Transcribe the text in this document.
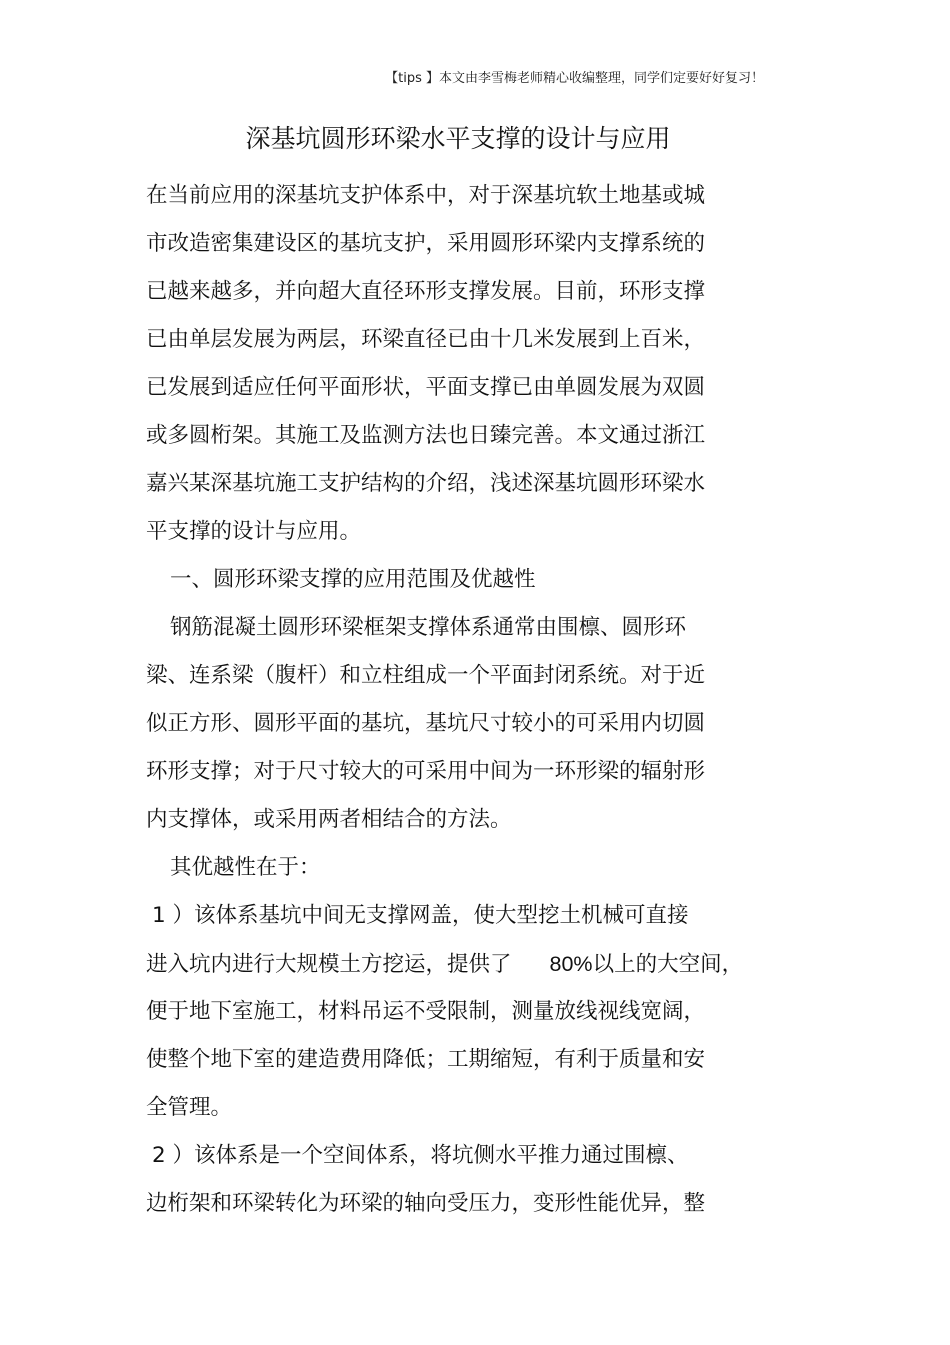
【tips 】本文由李雪梅老师精心收编整理，同学们定要好好复习！
深基坑圆形环梁水平支撑的设计与应用
在当前应用的深基坑支护体系中，对于深基坑软土地基或城
市改造密集建设区的基坑支护，采用圆形环梁内支撑系统的
已越来越多，并向超大直径环形支撑发展。目前，环形支撑
已由单层发展为两层，环梁直径已由十几米发展到上百米，
已发展到适应任何平面形状，平面支撑已由单圆发展为双圆
或多圆桁架。其施工及监测方法也日臻完善。本文通过浙江
嘉兴某深基坑施工支护结构的介绍，浅述深基坑圆形环梁水
平支撑的设计与应用。
一、圆形环梁支撑的应用范围及优越性
钢筋混凝土圆形环梁框架支撑体系通常由围檩、圆形环
梁、连系梁（腹杆）和立柱组成一个平面封闭系统。对于近
似正方形、圆形平面的基坑，基坑尺寸较小的可采用内切圆
环形支撑；对于尺寸较大的可采用中间为一环形梁的辐射形
内支撑体，或采用两者相结合的方法。
其优越性在于：
1 ）该体系基坑中间无支撑网盖，使大型挖土机械可直接
进入坑内进行大规模土方挖运，提供了 80%以上的大空间，
便于地下室施工，材料吊运不受限制，测量放线视线宽阔，
使整个地下室的建造费用降低；工期缩短，有利于质量和安
全管理。
2 ）该体系是一个空间体系，将坑侧水平推力通过围檩、
边桁架和环梁转化为环梁的轴向受压力，变形性能优异，整
